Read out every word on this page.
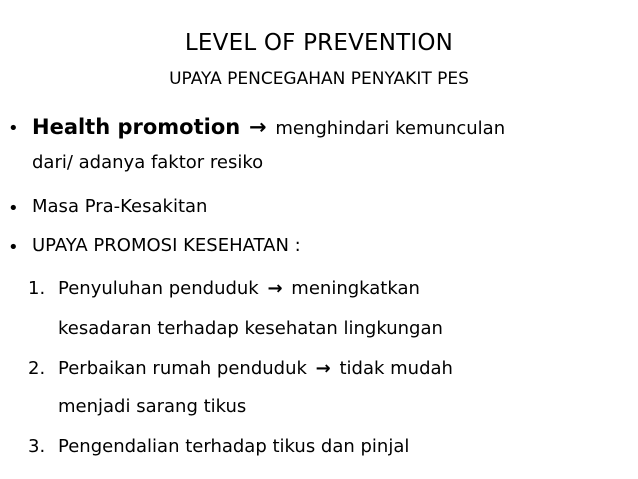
LEVEL OF PREVENTION
UPAYA PENCEGAHAN PENYAKIT PES
• Health promotion → menghindari kemunculan
dari/ adanya faktor resiko
• Masa Pra-Kesakitan
• UPAYA PROMOSI KESEHATAN :
1. Penyuluhan penduduk → meningkatkan
kesadaran terhadap kesehatan lingkungan
2. Perbaikan rumah penduduk → tidak mudah
menjadi sarang tikus
3. Pengendalian terhadap tikus dan pinjal
